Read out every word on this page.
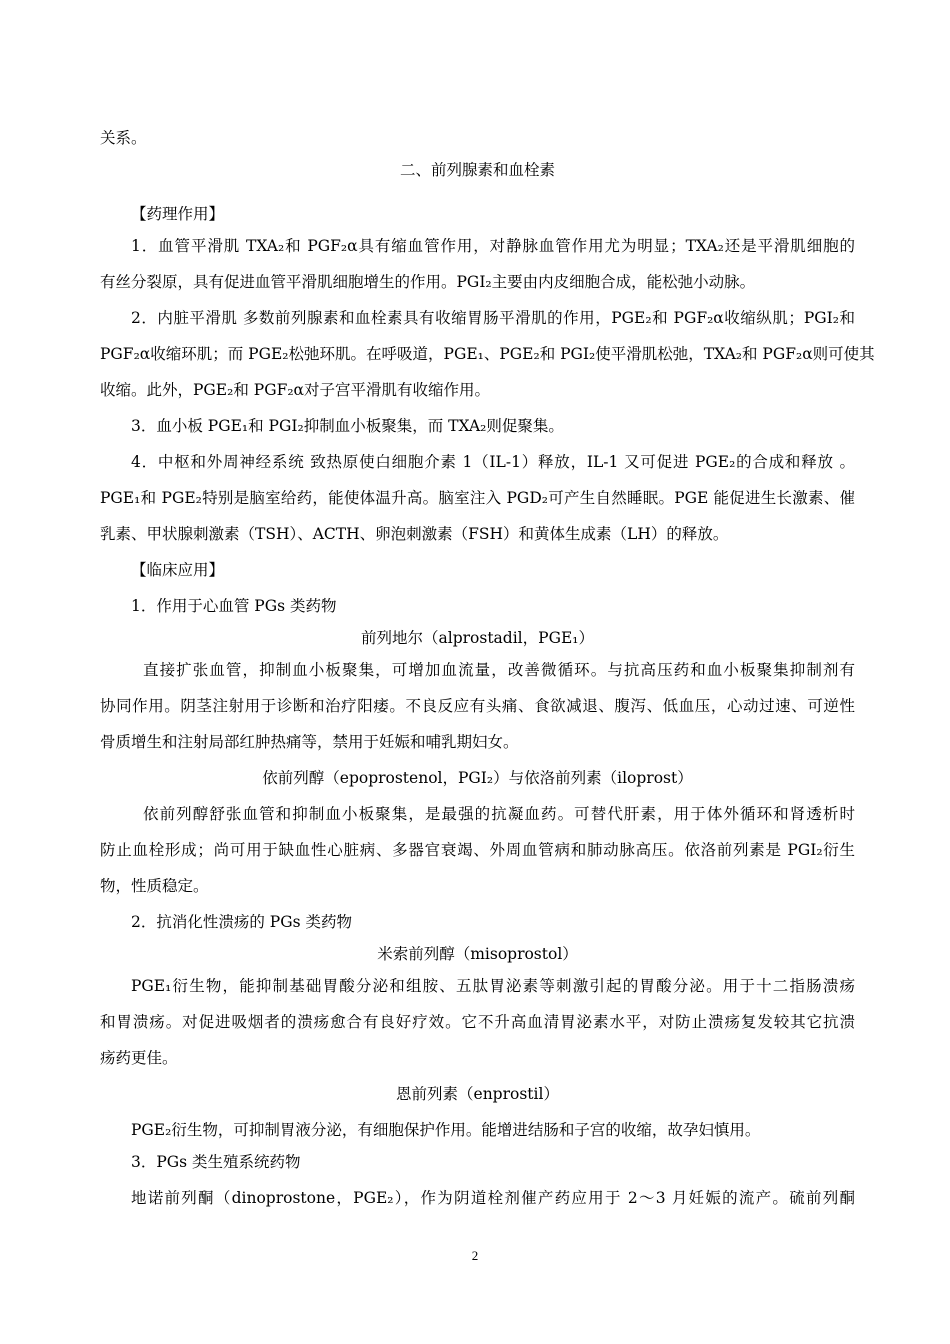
关系。
二、前列腺素和血栓素
【药理作用】
1．血管平滑肌 TXA₂和 PGF₂α具有缩血管作用，对静脉血管作用尤为明显；TXA₂还是平滑肌细胞的
有丝分裂原，具有促进血管平滑肌细胞增生的作用。PGI₂主要由内皮细胞合成，能松弛小动脉。
2．内脏平滑肌 多数前列腺素和血栓素具有收缩胃肠平滑肌的作用，PGE₂和 PGF₂α收缩纵肌；PGI₂和
PGF₂α收缩环肌；而 PGE₂松弛环肌。在呼吸道，PGE₁、PGE₂和 PGI₂使平滑肌松弛，TXA₂和 PGF₂α则可使其
收缩。此外，PGE₂和 PGF₂α对子宫平滑肌有收缩作用。
3．血小板 PGE₁和 PGI₂抑制血小板聚集，而 TXA₂则促聚集。
4．中枢和外周神经系统 致热原使白细胞介素 1（IL-1）释放，IL-1 又可促进 PGE₂的合成和释放 。
PGE₁和 PGE₂特别是脑室给药，能使体温升高。脑室注入 PGD₂可产生自然睡眠。PGE 能促进生长激素、催
乳素、甲状腺刺激素（TSH）、ACTH、卵泡刺激素（FSH）和黄体生成素（LH）的释放。
【临床应用】
1．作用于心血管 PGs 类药物
前列地尔（alprostadil，PGE₁）
直接扩张血管，抑制血小板聚集，可增加血流量，改善微循环。与抗高压药和血小板聚集抑制剂有
协同作用。阴茎注射用于诊断和治疗阳痿。不良反应有头痛、食欲减退、腹泻、低血压，心动过速、可逆性
骨质增生和注射局部红肿热痛等，禁用于妊娠和哺乳期妇女。
依前列醇（epoprostenol，PGI₂）与依洛前列素（iloprost）
依前列醇舒张血管和抑制血小板聚集，是最强的抗凝血药。可替代肝素，用于体外循环和肾透析时
防止血栓形成；尚可用于缺血性心脏病、多器官衰竭、外周血管病和肺动脉高压。依洛前列素是 PGI₂衍生
物，性质稳定。
2．抗消化性溃疡的 PGs 类药物
米索前列醇（misoprostol）
PGE₁衍生物，能抑制基础胃酸分泌和组胺、五肽胃泌素等刺激引起的胃酸分泌。用于十二指肠溃疡
和胃溃疡。对促进吸烟者的溃疡愈合有良好疗效。它不升高血清胃泌素水平，对防止溃疡复发较其它抗溃
疡药更佳。
恩前列素（enprostil）
PGE₂衍生物，可抑制胃液分泌，有细胞保护作用。能增进结肠和子宫的收缩，故孕妇慎用。
3．PGs 类生殖系统药物
地诺前列酮（dinoprostone，PGE₂），作为阴道栓剂催产药应用于 2～3 月妊娠的流产。硫前列酮
2
